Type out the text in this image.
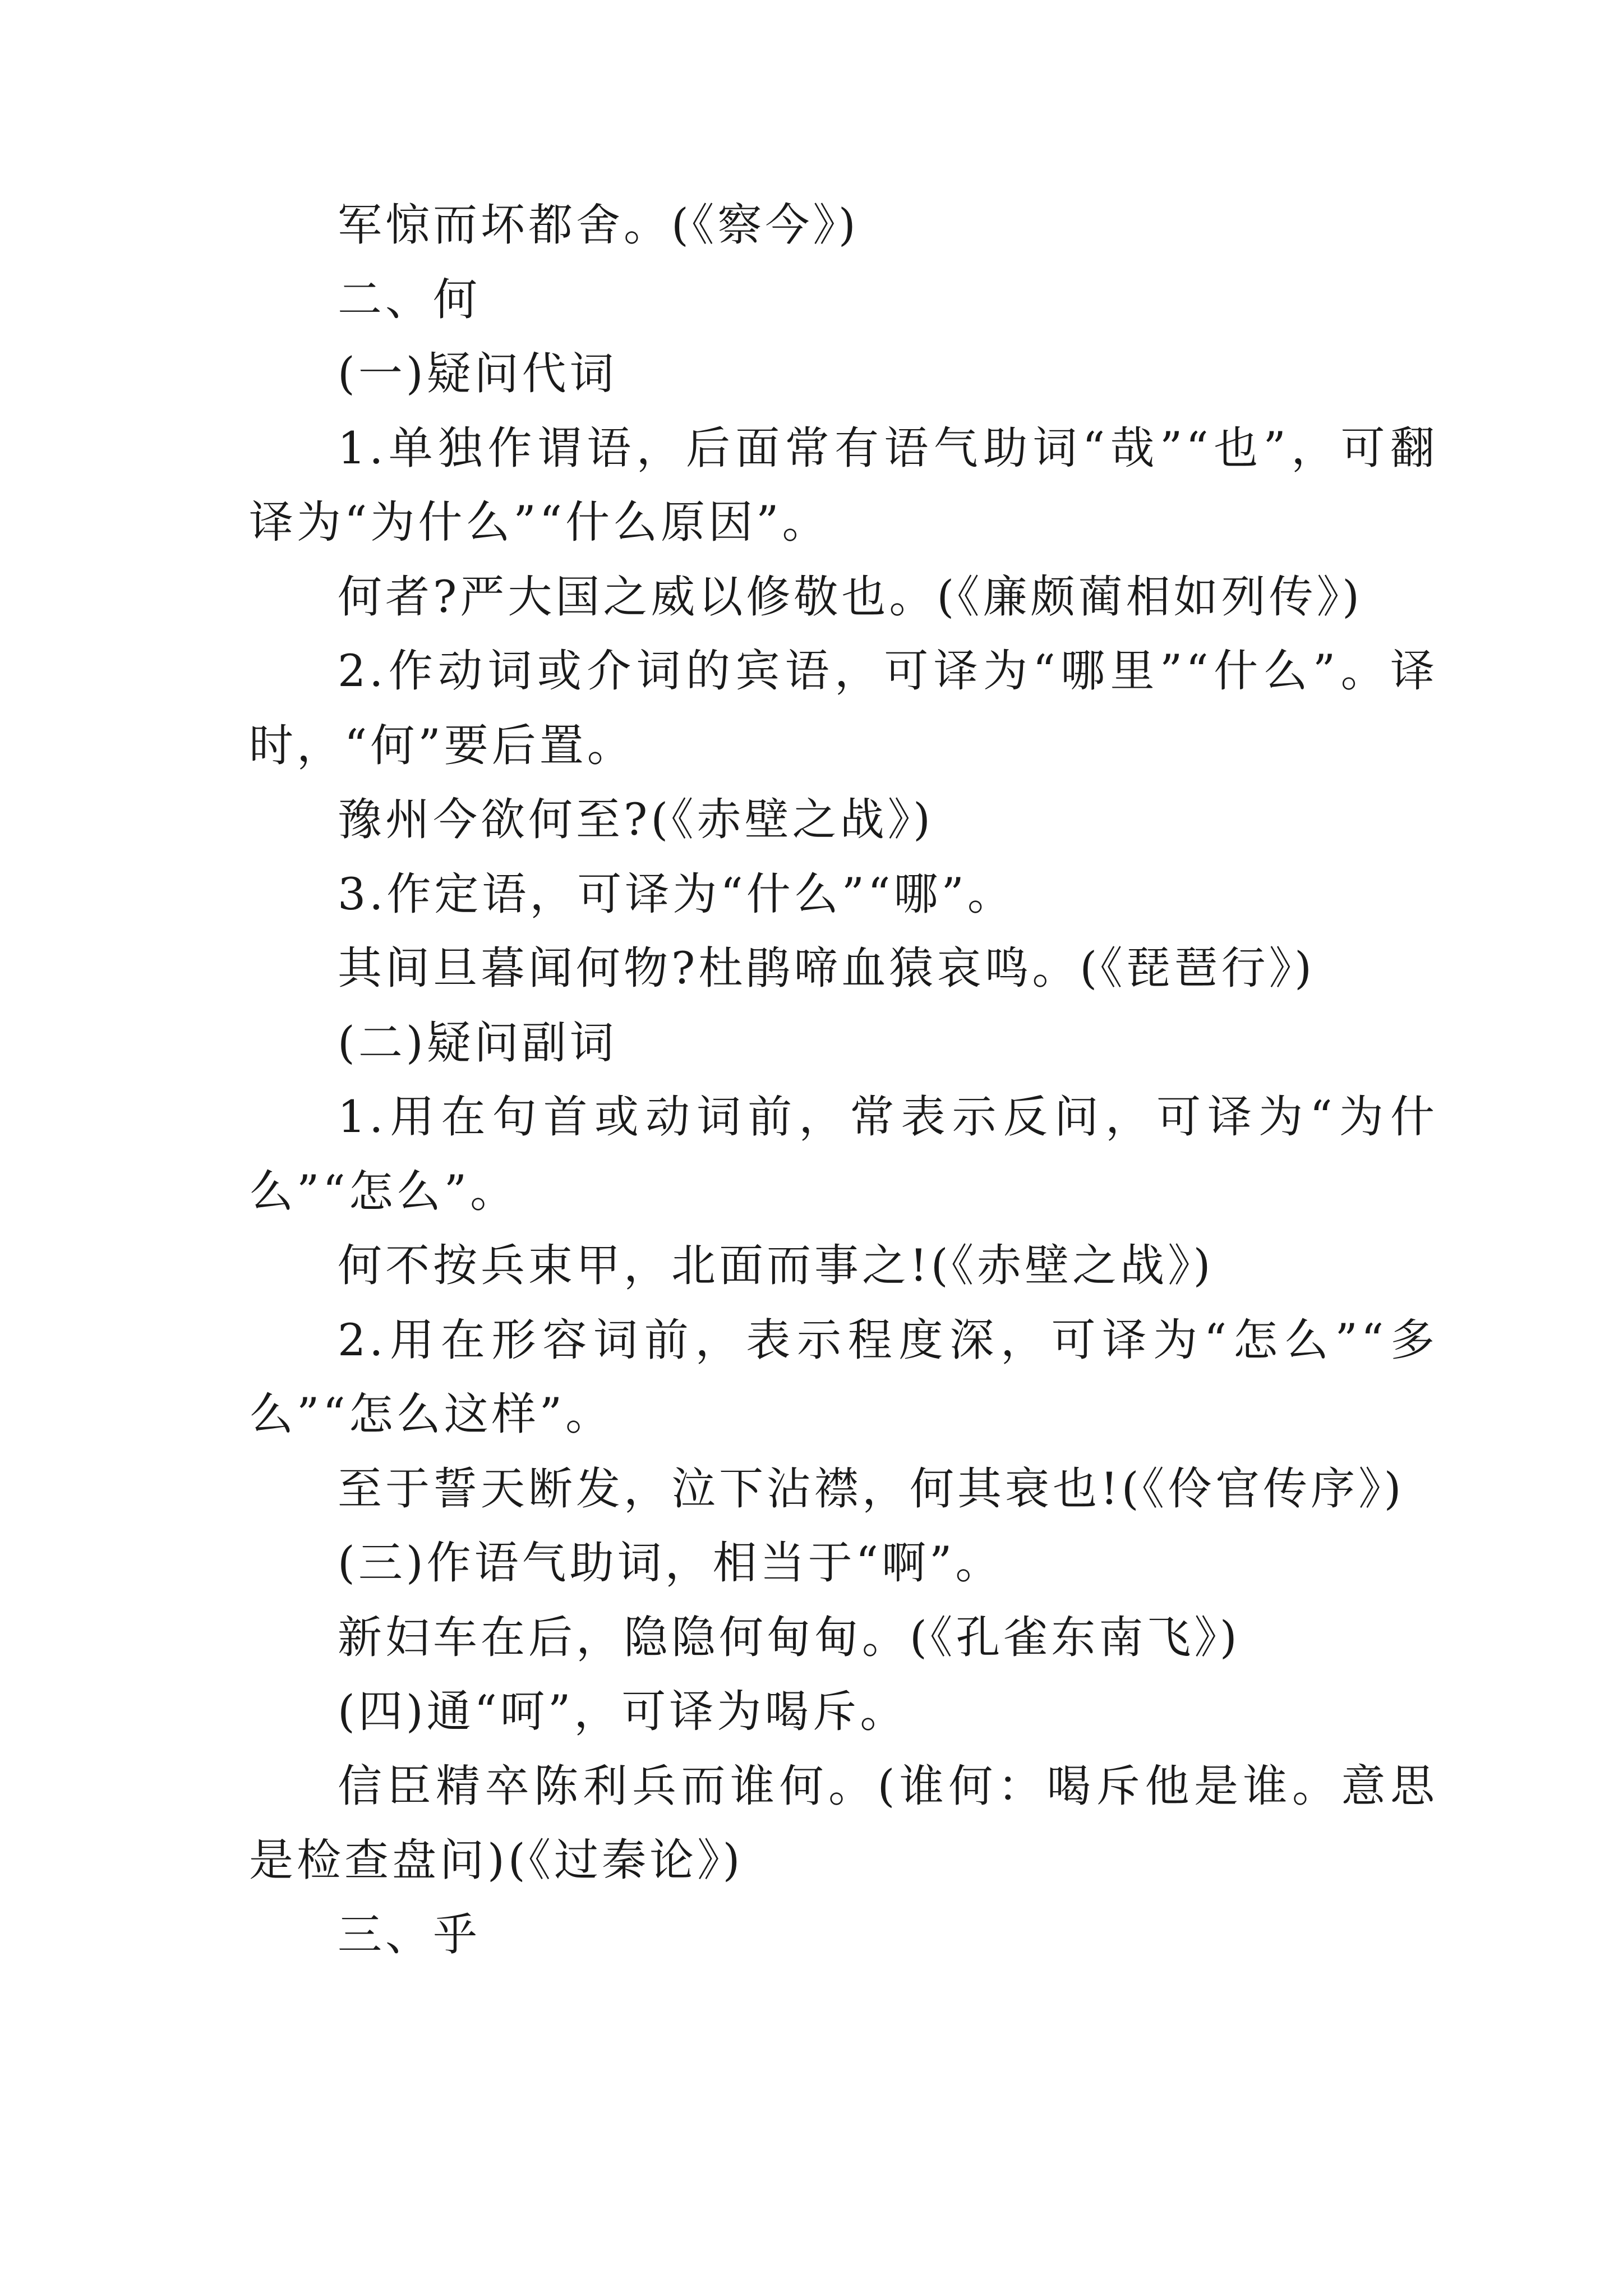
军惊而坏都舍。(《察今》)

二、何

(一)疑问代词

1.单独作谓语，后面常有语气助词“哉”“也”，可翻译为“为什么”“什么原因”。

何者?严大国之威以修敬也。(《廉颇蔺相如列传》)

2.作动词或介词的宾语，可译为“哪里”“什么”。译时，“何”要后置。

豫州今欲何至?(《赤壁之战》)

3.作定语，可译为“什么”“哪”。

其间旦暮闻何物?杜鹃啼血猿哀鸣。(《琵琶行》)

(二)疑问副词

1.用在句首或动词前，常表示反问，可译为“为什么”“怎么”。

何不按兵束甲，北面而事之!(《赤壁之战》)

2.用在形容词前，表示程度深，可译为“怎么”“多么”“怎么这样”。

至于誓天断发，泣下沾襟，何其衰也!(《伶官传序》)

(三)作语气助词，相当于“啊”。

新妇车在后，隐隐何甸甸。(《孔雀东南飞》)

(四)通“呵”，可译为喝斥。

信臣精卒陈利兵而谁何。(谁何：喝斥他是谁。意思是检查盘问)(《过秦论》)

三、乎
